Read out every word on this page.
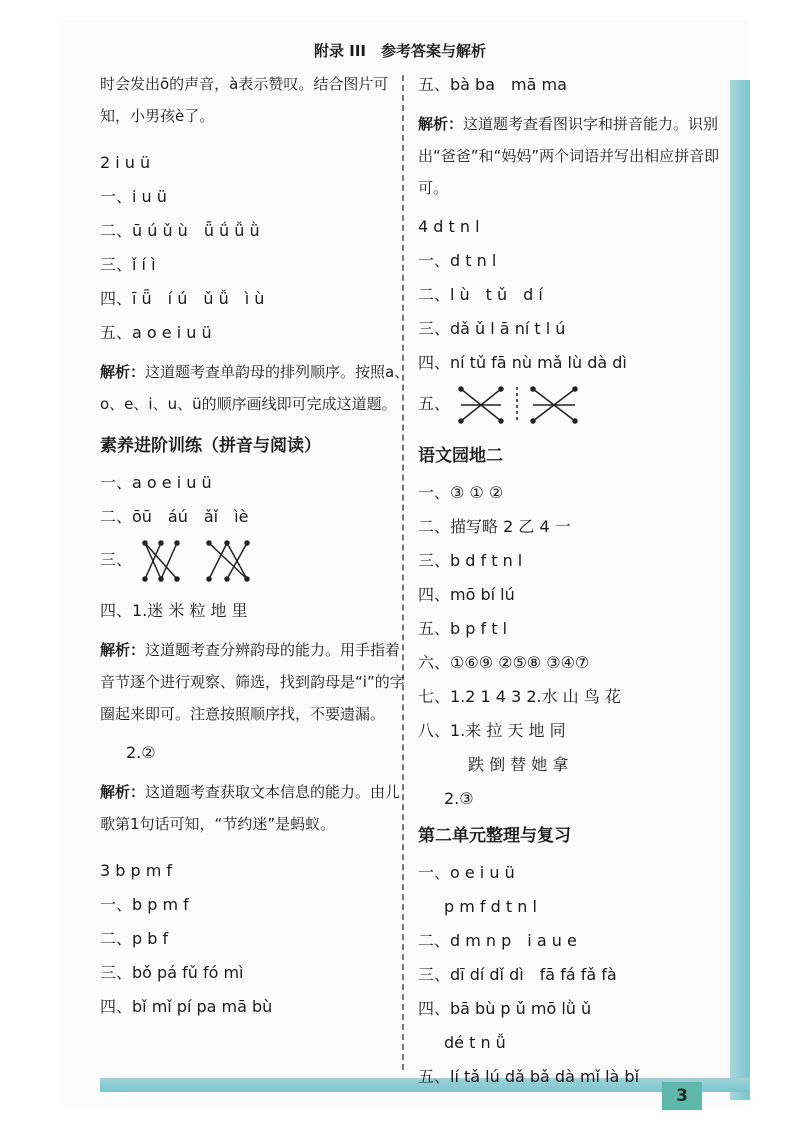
3
附录 III　参考答案与解析
时会发出ō的声音，à表示赞叹。结合图片可知，小男孩è了。
2 i u ü
一、i u ü
二、ū ú ǔ ù　ǖ ǘ ǚ ǜ
三、ǐ í ì
四、ī ǖ　í ú　ǔ ǚ　ì ù
五、a o e i u ü
解析：这道题考查单韵母的排列顺序。按照a、o、e、i、u、ü的顺序画线即可完成这道题。
素养进阶训练（拼音与阅读）
一、a o e i u ü
二、ōū　áú　ǎǐ　ìè
三、
四、1.迷 米 粒 地 里
解析：这道题考查分辨韵母的能力。用手指着音节逐个进行观察、筛选，找到韵母是“i”的字圈起来即可。注意按照顺序找，不要遗漏。
2.②
解析：这道题考查获取文本信息的能力。由儿歌第1句话可知，“节约迷”是蚂蚁。
3 b p m f
一、b p m f
二、p b f
三、bǒ pá fǔ fó mì
四、bǐ mǐ pí pa mā bù
五、bà ba　mā ma
解析：这道题考查看图识字和拼音能力。识别出“爸爸”和“妈妈”两个词语并写出相应拼音即可。
4 d t n l
一、d t n l
二、l ù　t ǔ　d í
三、dǎ ǔ l ā ní t l ú
四、ní tǔ fā nù mǎ lù dà dì
五、
语文园地二
一、③ ① ②
二、描写略 2 乙 4 一
三、b d f t n l
四、mō bí lú
五、b p f t l
六、①⑥⑨ ②⑤⑧ ③④⑦
七、1.2 1 4 3 2.水 山 鸟 花
八、1.来 拉 天 地 同
跌 倒 替 她 拿
2.③
第二单元整理与复习
一、o e i u ü
p m f d t n l
二、d m n p　i a u e
三、dī dí dǐ dì　fā fá fǎ fà
四、bā bù p ǔ mō lǜ ǔ
dé t n ǚ
五、lí tǎ lú dǎ bǎ dà mǐ là bǐ
